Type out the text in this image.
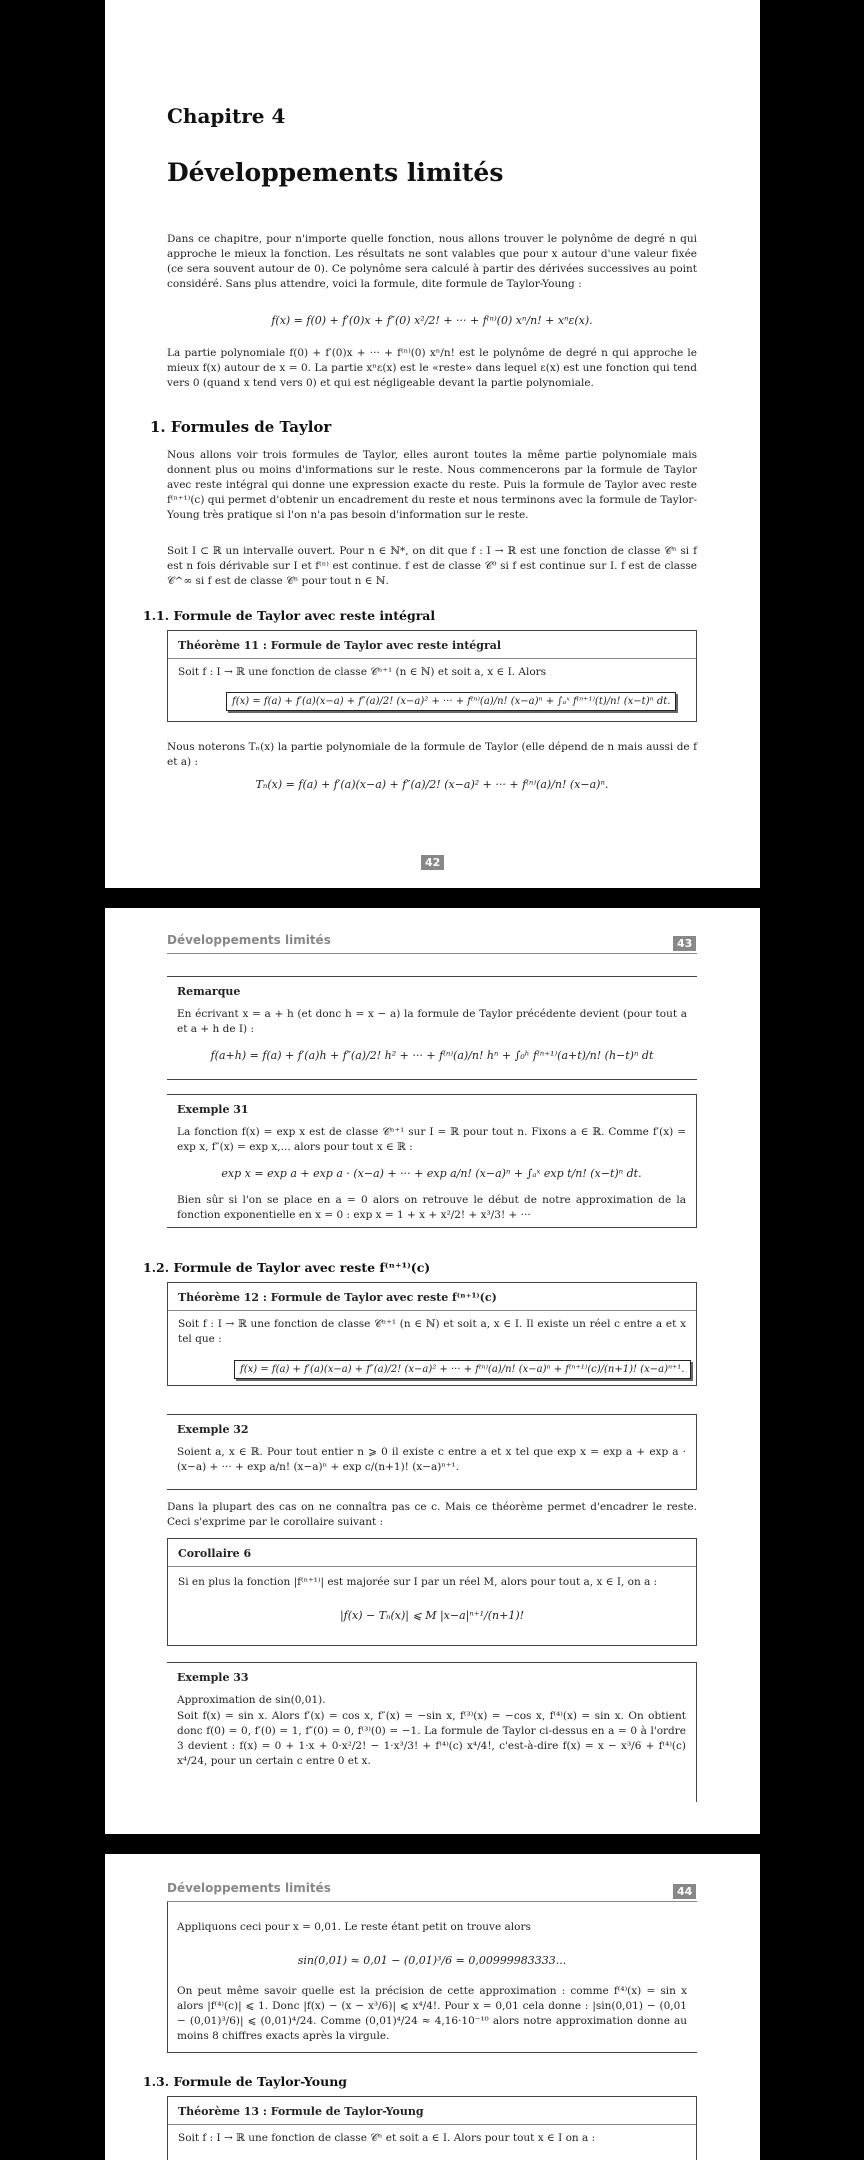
Chapitre 4
Développements limités
Dans ce chapitre, pour n'importe quelle fonction, nous allons trouver le polynôme de degré n qui approche le mieux la fonction. Les résultats ne sont valables que pour x autour d'une valeur fixée (ce sera souvent autour de 0). Ce polynôme sera calculé à partir des dérivées successives au point considéré. Sans plus attendre, voici la formule, dite formule de Taylor-Young :
f(x) = f(0) + f′(0)x + f″(0) x²/2! + ··· + f⁽ⁿ⁾(0) xⁿ/n! + xⁿε(x).
La partie polynomiale f(0) + f′(0)x + ··· + f⁽ⁿ⁾(0) xⁿ/n! est le polynôme de degré n qui approche le mieux f(x) autour de x = 0. La partie xⁿε(x) est le «reste» dans lequel ε(x) est une fonction qui tend vers 0 (quand x tend vers 0) et qui est négligeable devant la partie polynomiale.
1. Formules de Taylor
Nous allons voir trois formules de Taylor, elles auront toutes la même partie polynomiale mais donnent plus ou moins d'informations sur le reste. Nous commencerons par la formule de Taylor avec reste intégral qui donne une expression exacte du reste. Puis la formule de Taylor avec reste f⁽ⁿ⁺¹⁾(c) qui permet d'obtenir un encadrement du reste et nous terminons avec la formule de Taylor-Young très pratique si l'on n'a pas besoin d'information sur le reste.
Soit I ⊂ ℝ un intervalle ouvert. Pour n ∈ ℕ*, on dit que f : I → ℝ est une fonction de classe 𝒞ⁿ si f est n fois dérivable sur I et f⁽ⁿ⁾ est continue. f est de classe 𝒞⁰ si f est continue sur I. f est de classe 𝒞^∞ si f est de classe 𝒞ⁿ pour tout n ∈ ℕ.
1.1. Formule de Taylor avec reste intégral
Théorème 11 : Formule de Taylor avec reste intégral
Soit f : I → ℝ une fonction de classe 𝒞ⁿ⁺¹ (n ∈ ℕ) et soit a, x ∈ I. Alors
f(x) = f(a) + f′(a)(x−a) + f″(a)/2! (x−a)² + ··· + f⁽ⁿ⁾(a)/n! (x−a)ⁿ + ∫ₐˣ f⁽ⁿ⁺¹⁾(t)/n! (x−t)ⁿ dt.
Nous noterons Tₙ(x) la partie polynomiale de la formule de Taylor (elle dépend de n mais aussi de f et a) :
Tₙ(x) = f(a) + f′(a)(x−a) + f″(a)/2! (x−a)² + ··· + f⁽ⁿ⁾(a)/n! (x−a)ⁿ.
42
Développements limités	43
Remarque
En écrivant x = a + h (et donc h = x − a) la formule de Taylor précédente devient (pour tout a et a + h de I) :
f(a+h) = f(a) + f′(a)h + f″(a)/2! h² + ··· + f⁽ⁿ⁾(a)/n! hⁿ + ∫₀ʰ f⁽ⁿ⁺¹⁾(a+t)/n! (h−t)ⁿ dt
Exemple 31
La fonction f(x) = exp x est de classe 𝒞ⁿ⁺¹ sur I = ℝ pour tout n. Fixons a ∈ ℝ. Comme f′(x) = exp x, f″(x) = exp x,... alors pour tout x ∈ ℝ :
exp x = exp a + exp a · (x−a) + ··· + exp a/n! (x−a)ⁿ + ∫ₐˣ exp t/n! (x−t)ⁿ dt.
Bien sûr si l'on se place en a = 0 alors on retrouve le début de notre approximation de la fonction exponentielle en x = 0 : exp x = 1 + x + x²/2! + x³/3! + ···
1.2. Formule de Taylor avec reste f⁽ⁿ⁺¹⁾(c)
Théorème 12 : Formule de Taylor avec reste f⁽ⁿ⁺¹⁾(c)
Soit f : I → ℝ une fonction de classe 𝒞ⁿ⁺¹ (n ∈ ℕ) et soit a, x ∈ I. Il existe un réel c entre a et x tel que :
f(x) = f(a) + f′(a)(x−a) + f″(a)/2! (x−a)² + ··· + f⁽ⁿ⁾(a)/n! (x−a)ⁿ + f⁽ⁿ⁺¹⁾(c)/(n+1)! (x−a)ⁿ⁺¹.
Exemple 32
Soient a, x ∈ ℝ. Pour tout entier n ⩾ 0 il existe c entre a et x tel que exp x = exp a + exp a · (x−a) + ··· + exp a/n! (x−a)ⁿ + exp c/(n+1)! (x−a)ⁿ⁺¹.
Dans la plupart des cas on ne connaîtra pas ce c. Mais ce théorème permet d'encadrer le reste. Ceci s'exprime par le corollaire suivant :
Corollaire 6
Si en plus la fonction |f⁽ⁿ⁺¹⁾| est majorée sur I par un réel M, alors pour tout a, x ∈ I, on a :
|f(x) − Tₙ(x)| ⩽ M |x−a|ⁿ⁺¹/(n+1)!
Exemple 33
Approximation de sin(0,01).
Soit f(x) = sin x. Alors f′(x) = cos x, f″(x) = −sin x, f⁽³⁾(x) = −cos x, f⁽⁴⁾(x) = sin x. On obtient donc f(0) = 0, f′(0) = 1, f″(0) = 0, f⁽³⁾(0) = −1. La formule de Taylor ci-dessus en a = 0 à l'ordre 3 devient : f(x) = 0 + 1·x + 0·x²/2! − 1·x³/3! + f⁽⁴⁾(c) x⁴/4!, c'est-à-dire f(x) = x − x³/6 + f⁽⁴⁾(c) x⁴/24, pour un certain c entre 0 et x.
Développements limités	44
Appliquons ceci pour x = 0,01. Le reste étant petit on trouve alors
sin(0,01) ≈ 0,01 − (0,01)³/6 = 0,00999983333...
On peut même savoir quelle est la précision de cette approximation : comme f⁽⁴⁾(x) = sin x alors |f⁽⁴⁾(c)| ⩽ 1. Donc |f(x) − (x − x³/6)| ⩽ x⁴/4!. Pour x = 0,01 cela donne : |sin(0,01) − (0,01 − (0,01)³/6)| ⩽ (0,01)⁴/24. Comme (0,01)⁴/24 ≈ 4,16·10⁻¹⁰ alors notre approximation donne au moins 8 chiffres exacts après la virgule.
1.3. Formule de Taylor-Young
Théorème 13 : Formule de Taylor-Young
Soit f : I → ℝ une fonction de classe 𝒞ⁿ et soit a ∈ I. Alors pour tout x ∈ I on a :
